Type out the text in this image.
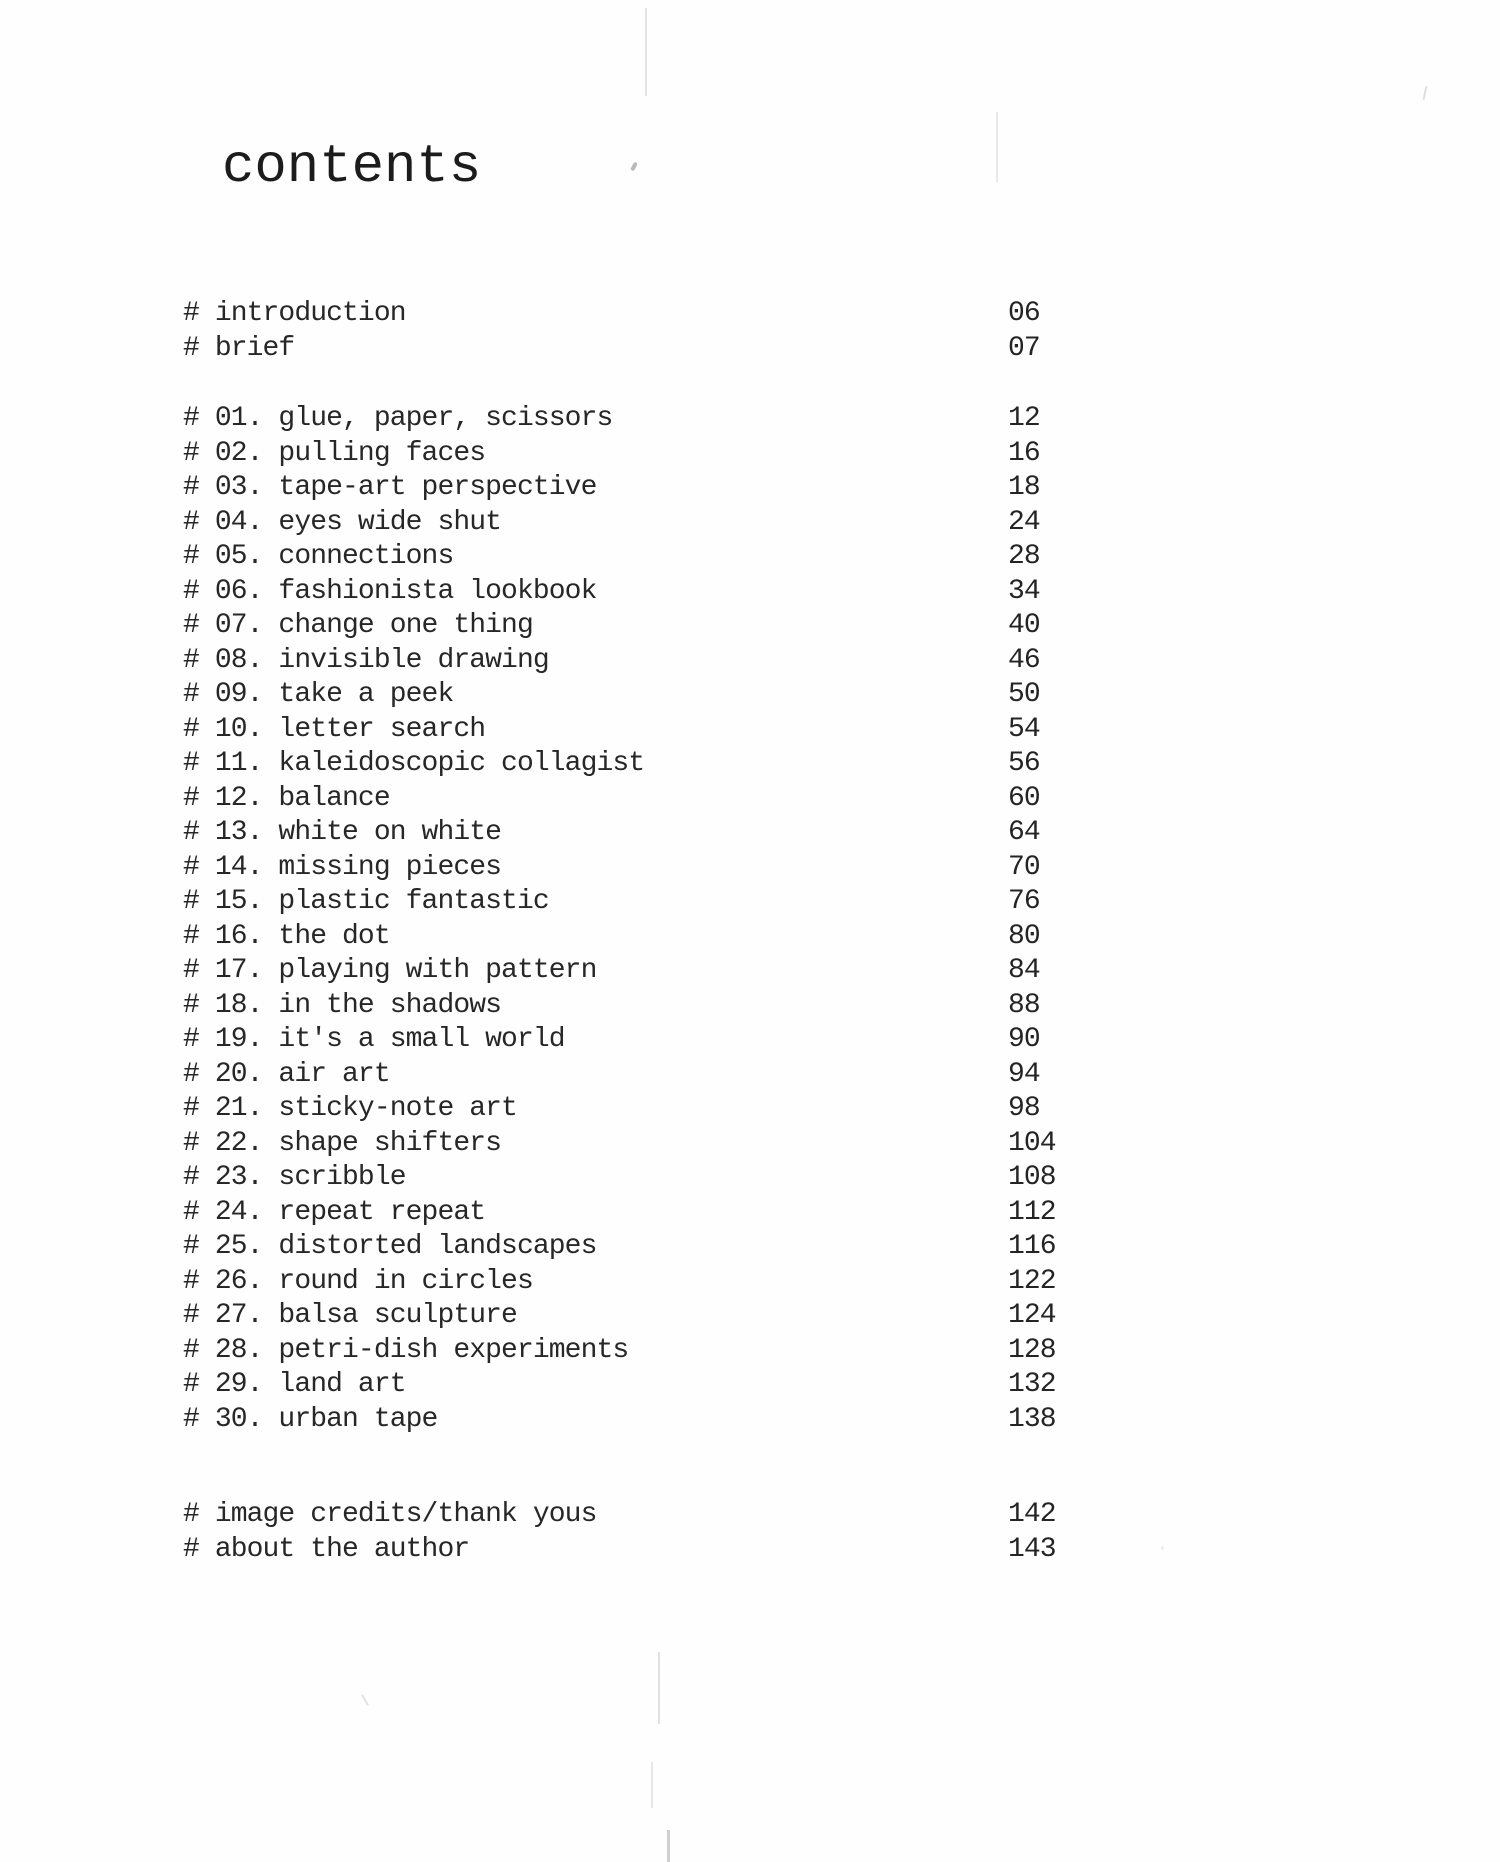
contents
# introduction	06
# brief	07
# 01. glue, paper, scissors	12
# 02. pulling faces	16
# 03. tape-art perspective	18
# 04. eyes wide shut	24
# 05. connections	28
# 06. fashionista lookbook	34
# 07. change one thing	40
# 08. invisible drawing	46
# 09. take a peek	50
# 10. letter search	54
# 11. kaleidoscopic collagist	56
# 12. balance	60
# 13. white on white	64
# 14. missing pieces	70
# 15. plastic fantastic	76
# 16. the dot	80
# 17. playing with pattern	84
# 18. in the shadows	88
# 19. it's a small world	90
# 20. air art	94
# 21. sticky-note art	98
# 22. shape shifters	104
# 23. scribble	108
# 24. repeat repeat	112
# 25. distorted landscapes	116
# 26. round in circles	122
# 27. balsa sculpture	124
# 28. petri-dish experiments	128
# 29. land art	132
# 30. urban tape	138
# image credits/thank yous	142
# about the author	143
